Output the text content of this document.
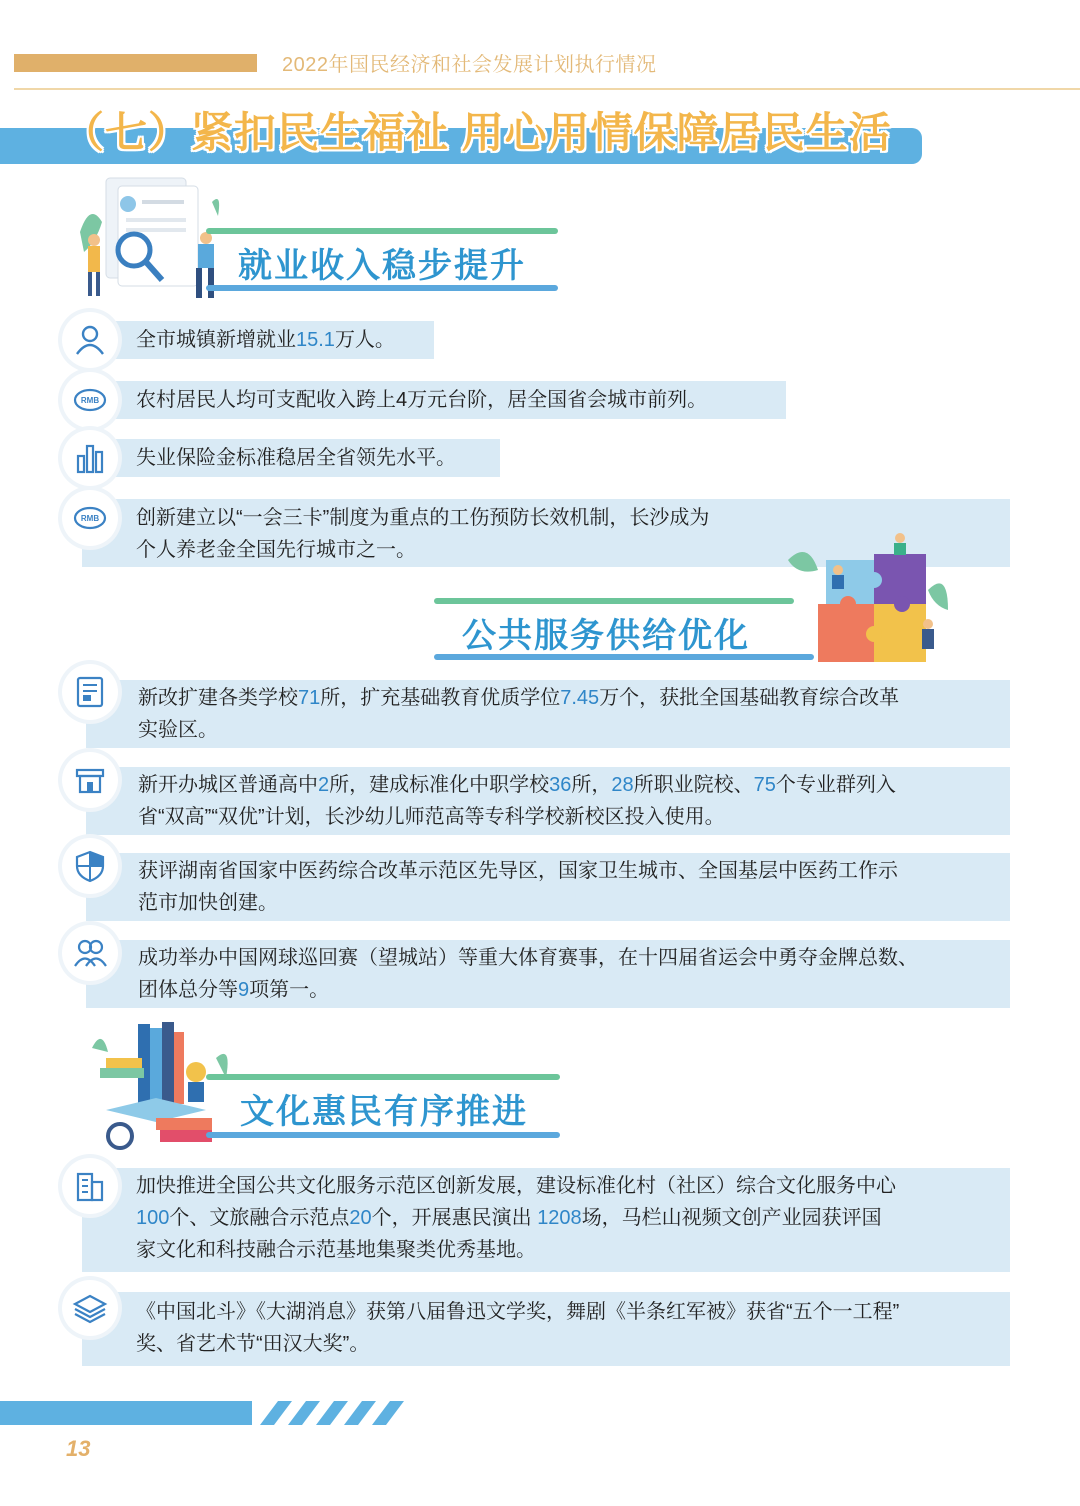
2022年国民经济和社会发展计划执行情况
（七）紧扣民生福祉 用心用情保障居民生活
就业收入稳步提升
全市城镇新增就业15.1万人。
RMB 农村居民人均可支配收入跨上4万元台阶，居全国省会城市前列。
失业保险金标准稳居全省领先水平。
RMB 创新建立以“一会三卡”制度为重点的工伤预防长效机制，长沙成为
个人养老金全国先行城市之一。
公共服务供给优化
新改扩建各类学校71所，扩充基础教育优质学位7.45万个，获批全国基础教育综合改革
实验区。
新开办城区普通高中2所，建成标准化中职学校36所，28所职业院校、75个专业群列入
省“双高”“双优”计划，长沙幼儿师范高等专科学校新校区投入使用。
获评湖南省国家中医药综合改革示范区先导区，国家卫生城市、全国基层中医药工作示
范市加快创建。
成功举办中国网球巡回赛（望城站）等重大体育赛事，在十四届省运会中勇夺金牌总数、
团体总分等9项第一。
文化惠民有序推进
加快推进全国公共文化服务示范区创新发展，建设标准化村（社区）综合文化服务中心
100个、文旅融合示范点20个，开展惠民演出 1208场，马栏山视频文创产业园获评国
家文化和科技融合示范基地集聚类优秀基地。
《中国北斗》《大湖消息》获第八届鲁迅文学奖，舞剧《半条红军被》获省“五个一工程”
奖、省艺术节“田汉大奖”。
13
